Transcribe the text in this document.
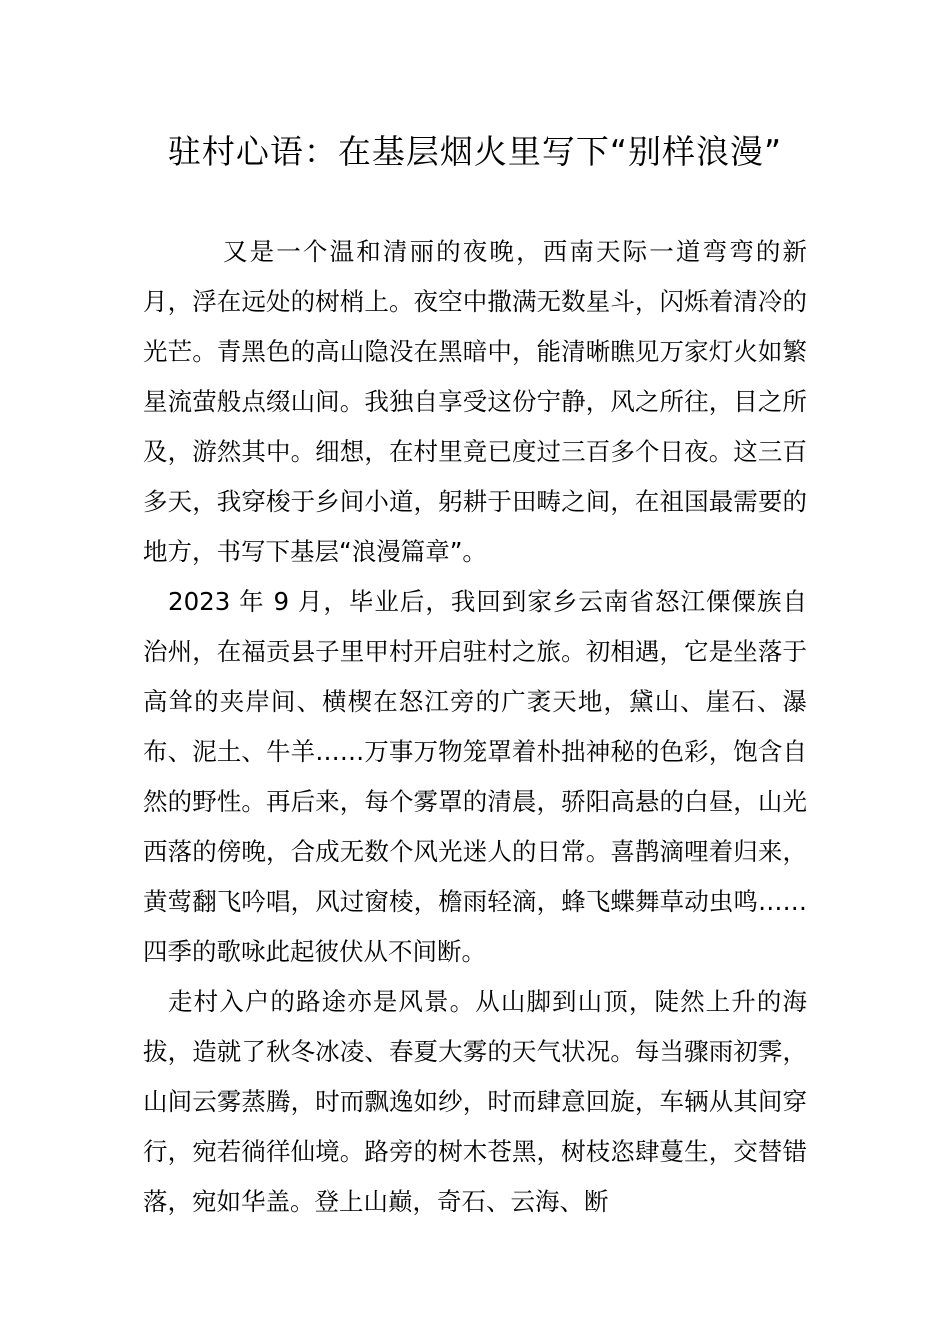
驻村心语：在基层烟火里写下“别样浪漫”

又是一个温和清丽的夜晚，西南天际一道弯弯的新月，浮在远处的树梢上。夜空中撒满无数星斗，闪烁着清冷的光芒。青黑色的高山隐没在黑暗中，能清晰瞧见万家灯火如繁星流萤般点缀山间。我独自享受这份宁静，风之所往，目之所及，游然其中。细想，在村里竟已度过三百多个日夜。这三百多天，我穿梭于乡间小道，躬耕于田畴之间，在祖国最需要的地方，书写下基层“浪漫篇章”。

2023 年 9 月，毕业后，我回到家乡云南省怒江傈僳族自治州，在福贡县子里甲村开启驻村之旅。初相遇，它是坐落于高耸的夹岸间、横楔在怒江旁的广袤天地，黛山、崖石、瀑布、泥土、牛羊……万事万物笼罩着朴拙神秘的色彩，饱含自然的野性。再后来，每个雾罩的清晨，骄阳高悬的白昼，山光西落的傍晚，合成无数个风光迷人的日常。喜鹊滴哩着归来，黄莺翻飞吟唱，风过窗棱，檐雨轻滴，蜂飞蝶舞草动虫鸣……四季的歌咏此起彼伏从不间断。

走村入户的路途亦是风景。从山脚到山顶，陡然上升的海拔，造就了秋冬冰凌、春夏大雾的天气状况。每当骤雨初霁，山间云雾蒸腾，时而飘逸如纱，时而肆意回旋，车辆从其间穿行，宛若徜徉仙境。路旁的树木苍黑，树枝恣肆蔓生，交替错落，宛如华盖。登上山巅，奇石、云海、断
